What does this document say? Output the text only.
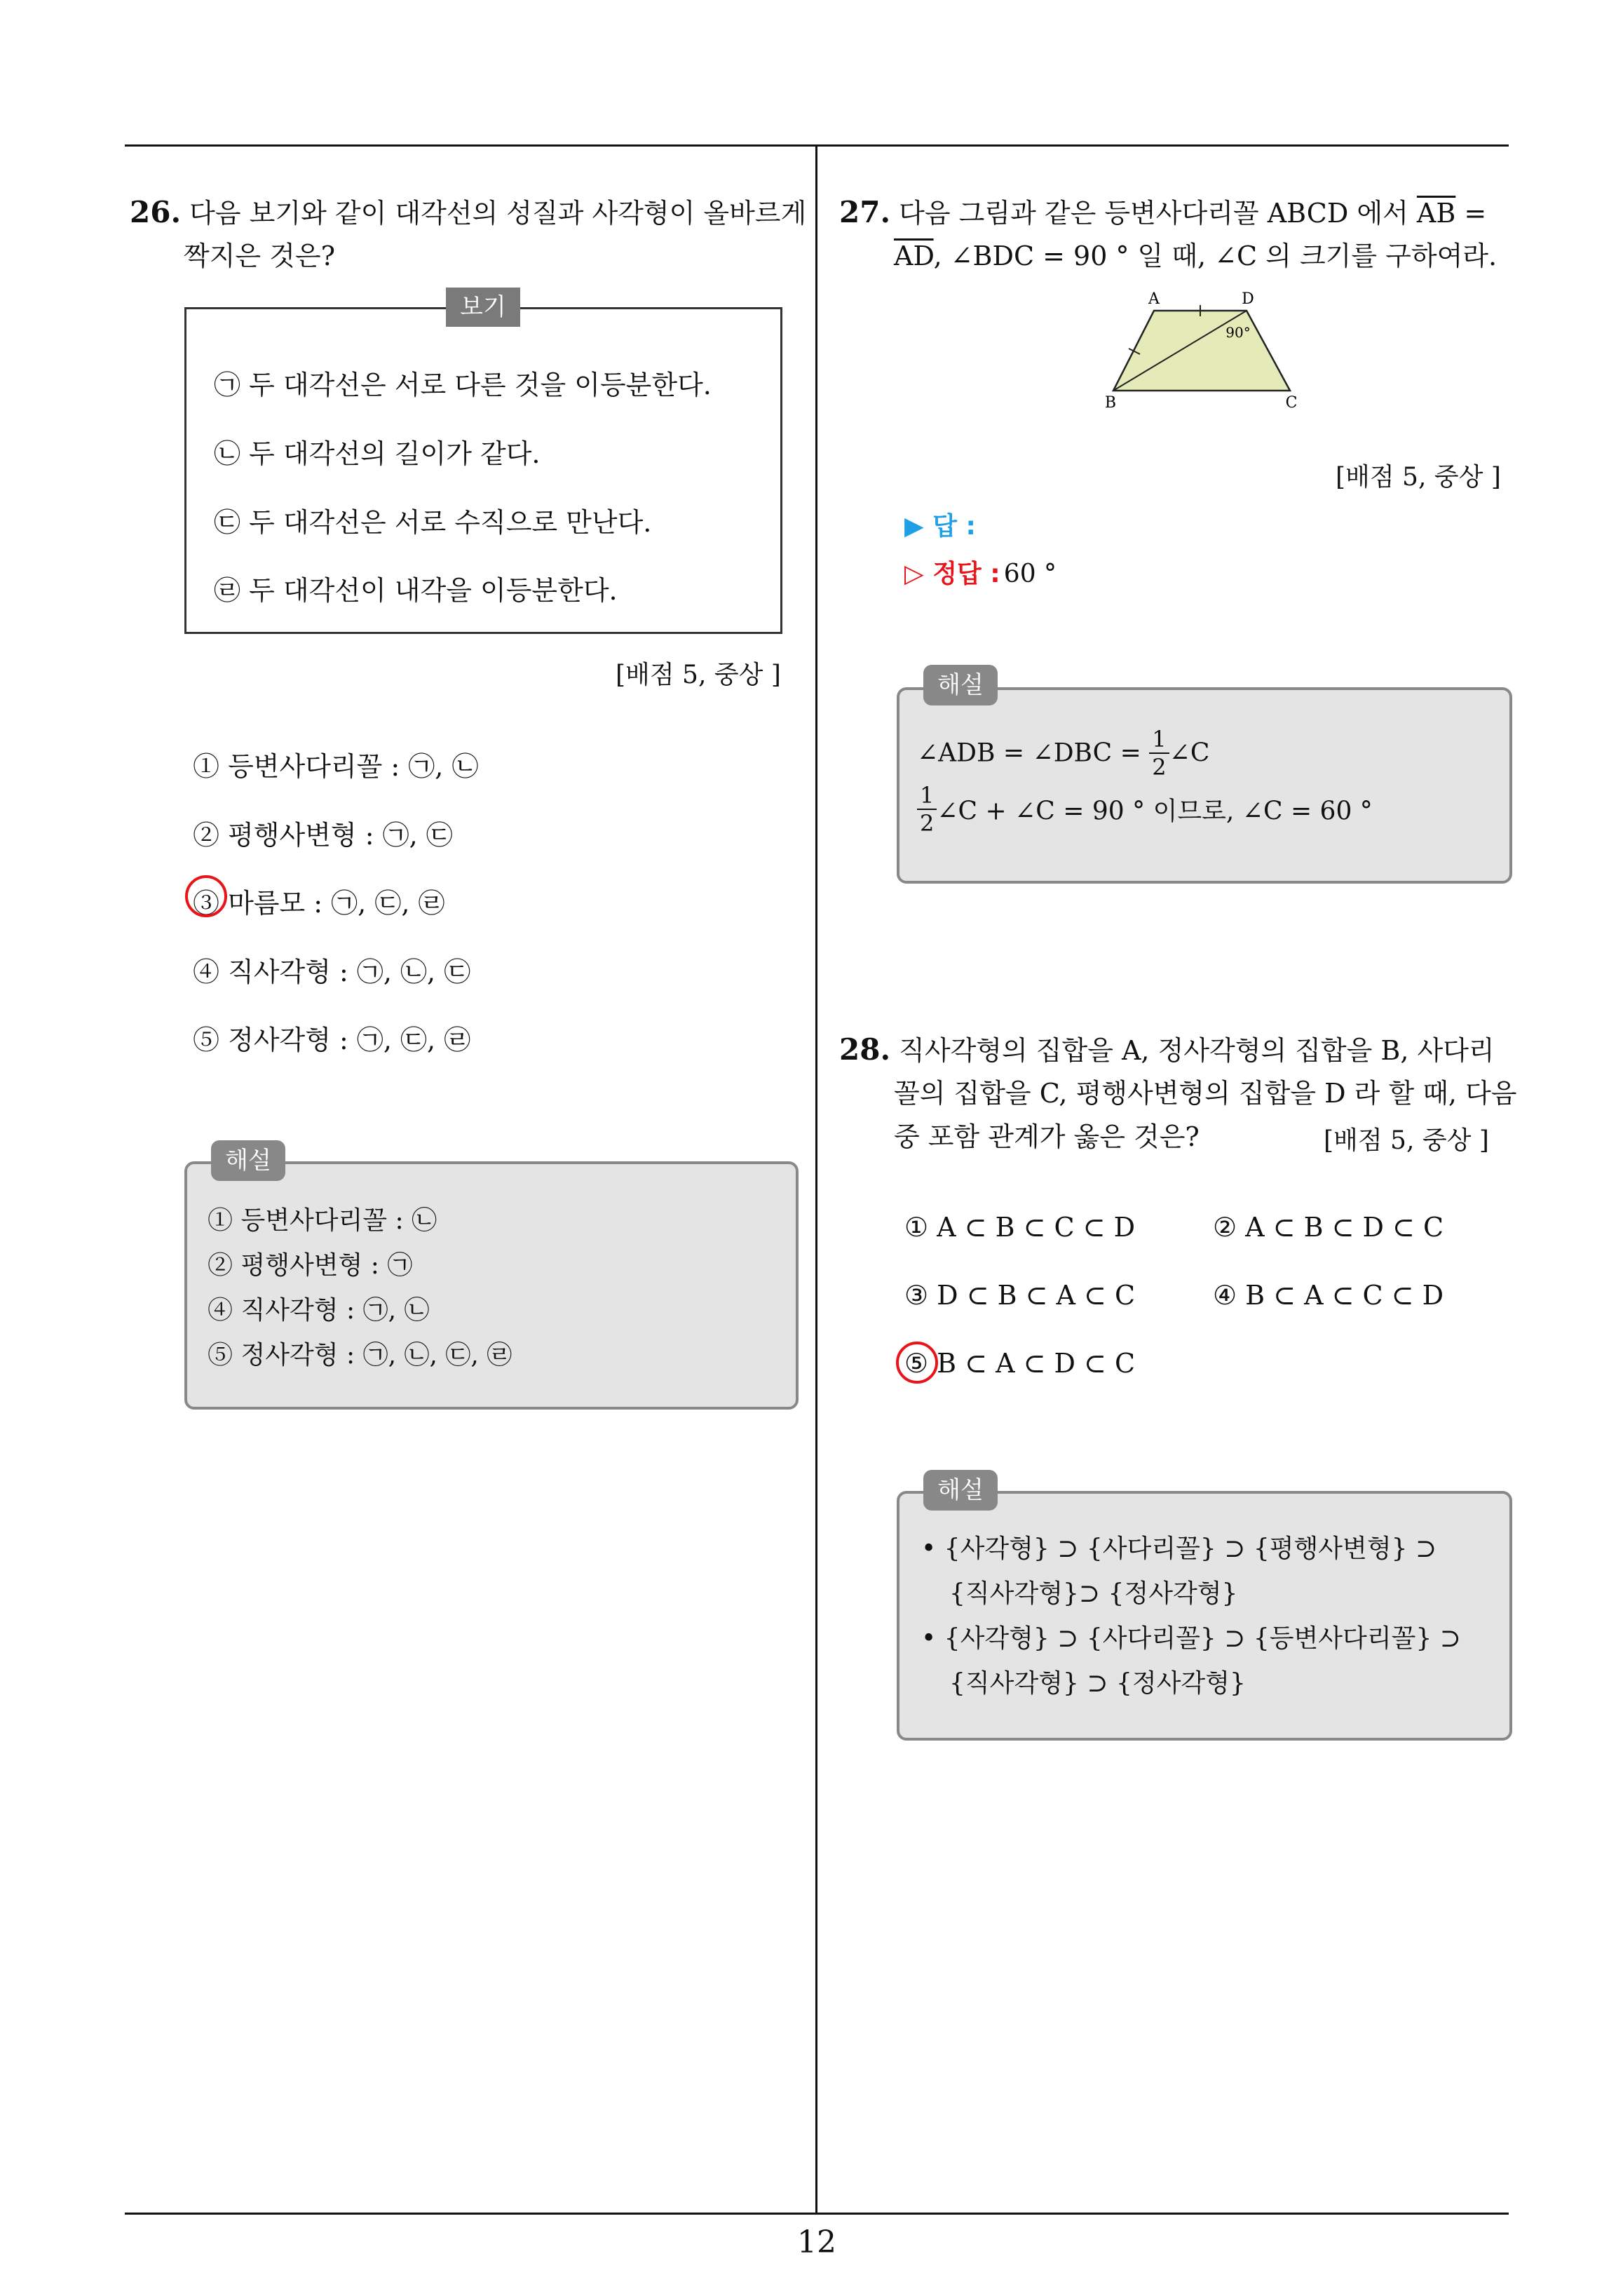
12
26. 다음 보기와 같이 대각선의 성질과 사각형이 올바르게
짝지은 것은?
보기
㉠ 두 대각선은 서로 다른 것을 이등분한다.
㉡ 두 대각선의 길이가 같다.
㉢ 두 대각선은 서로 수직으로 만난다.
㉣ 두 대각선이 내각을 이등분한다.
[배점 5, 중상 ]
① 등변사다리꼴 : ㉠, ㉡
② 평행사변형 : ㉠, ㉢
③ 마름모 : ㉠, ㉢, ㉣
④ 직사각형 : ㉠, ㉡, ㉢
⑤ 정사각형 : ㉠, ㉢, ㉣
해설
① 등변사다리꼴 : ㉡
② 평행사변형 : ㉠
④ 직사각형 : ㉠, ㉡
⑤ 정사각형 : ㉠, ㉡, ㉢, ㉣
27. 다음 그림과 같은 등변사다리꼴 ABCD 에서 $\overline{AB}$ =
$\overline{AD}$, ∠BDC = 90 ° 일 때, ∠C 의 크기를 구하여라.
A	D
B	C
90°
[배점 5, 중상 ]
▶ 답 :
▷ 정답 : 60 °
해설
∠ADB = ∠DBC = $\frac{1}{2}$ ∠C
$\frac{1}{2}$ ∠C + ∠C = 90 ° 이므로, ∠C = 60 °
28. 직사각형의 집합을 A, 정사각형의 집합을 B, 사다리
꼴의 집합을 C, 평행사변형의 집합을 D 라 할 때, 다음
중 포함 관계가 옳은 것은?	[배점 5, 중상 ]
① A ⊂ B ⊂ C ⊂ D	② A ⊂ B ⊂ D ⊂ C
③ D ⊂ B ⊂ A ⊂ C	④ B ⊂ A ⊂ C ⊂ D
⑤ B ⊂ A ⊂ D ⊂ C
해설
• {사각형} ⊃ {사다리꼴} ⊃ {평행사변형} ⊃
{직사각형}⊃ {정사각형}
• {사각형} ⊃ {사다리꼴} ⊃ {등변사다리꼴} ⊃
{직사각형} ⊃ {정사각형}
